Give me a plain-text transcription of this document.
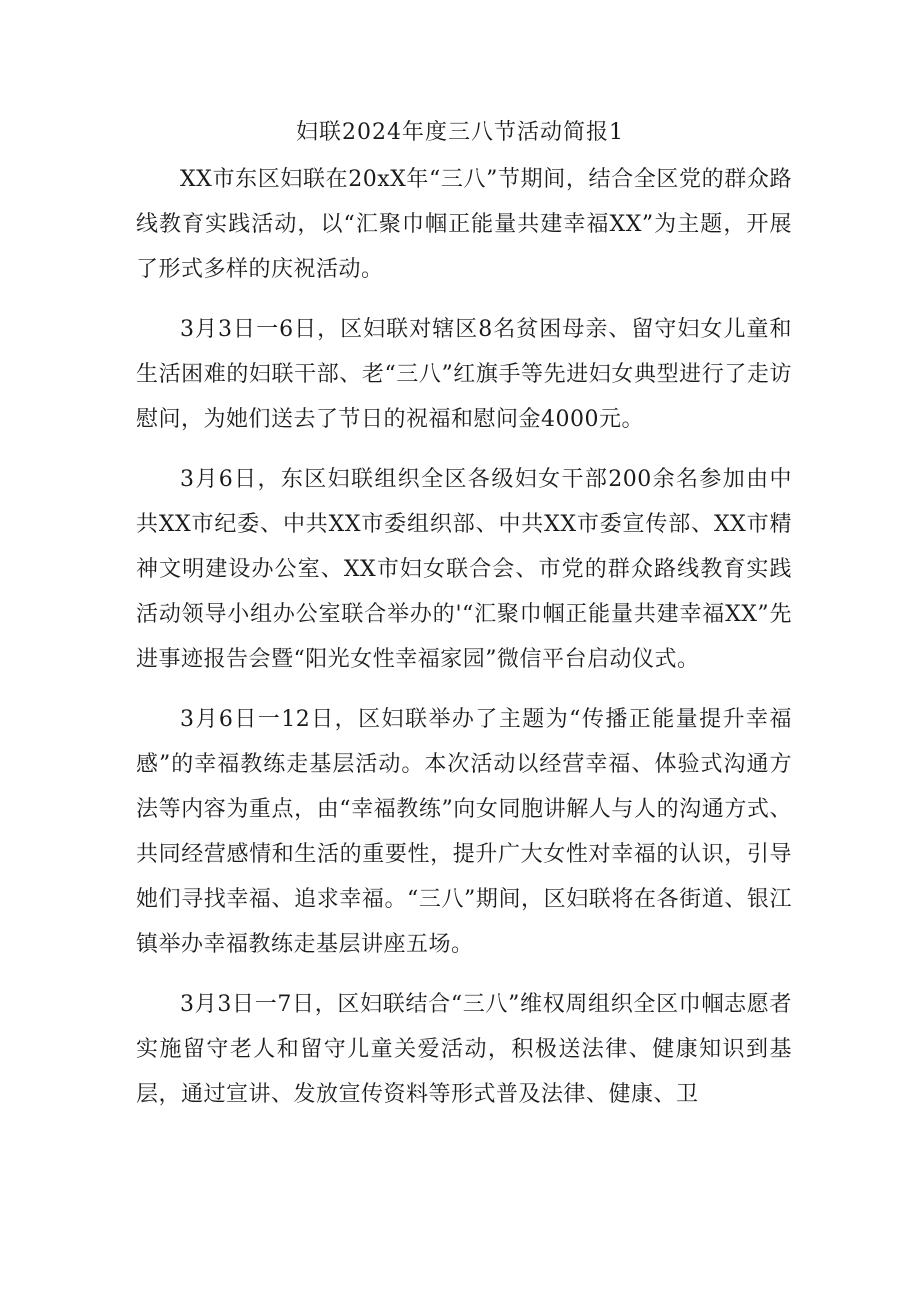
妇联2024年度三八节活动简报1

XX市东区妇联在20xX年“三八”节期间，结合全区党的群众路线教育实践活动，以“汇聚巾帼正能量共建幸福XX”为主题，开展了形式多样的庆祝活动。

3月3日一6日，区妇联对辖区8名贫困母亲、留守妇女儿童和生活困难的妇联干部、老“三八”红旗手等先进妇女典型进行了走访慰问，为她们送去了节日的祝福和慰问金4000元。

3月6日，东区妇联组织全区各级妇女干部200余名参加由中共XX市纪委、中共XX市委组织部、中共XX市委宣传部、XX市精神文明建设办公室、XX市妇女联合会、市党的群众路线教育实践活动领导小组办公室联合举办的'“汇聚巾帼正能量共建幸福XX”先进事迹报告会暨“阳光女性幸福家园”微信平台启动仪式。

3月6日一12日，区妇联举办了主题为“传播正能量提升幸福感”的幸福教练走基层活动。本次活动以经营幸福、体验式沟通方法等内容为重点，由“幸福教练”向女同胞讲解人与人的沟通方式、共同经营感情和生活的重要性，提升广大女性对幸福的认识，引导她们寻找幸福、追求幸福。“三八”期间，区妇联将在各街道、银江镇举办幸福教练走基层讲座五场。

3月3日一7日，区妇联结合“三八”维权周组织全区巾帼志愿者实施留守老人和留守儿童关爱活动，积极送法律、健康知识到基层，通过宣讲、发放宣传资料等形式普及法律、健康、卫
